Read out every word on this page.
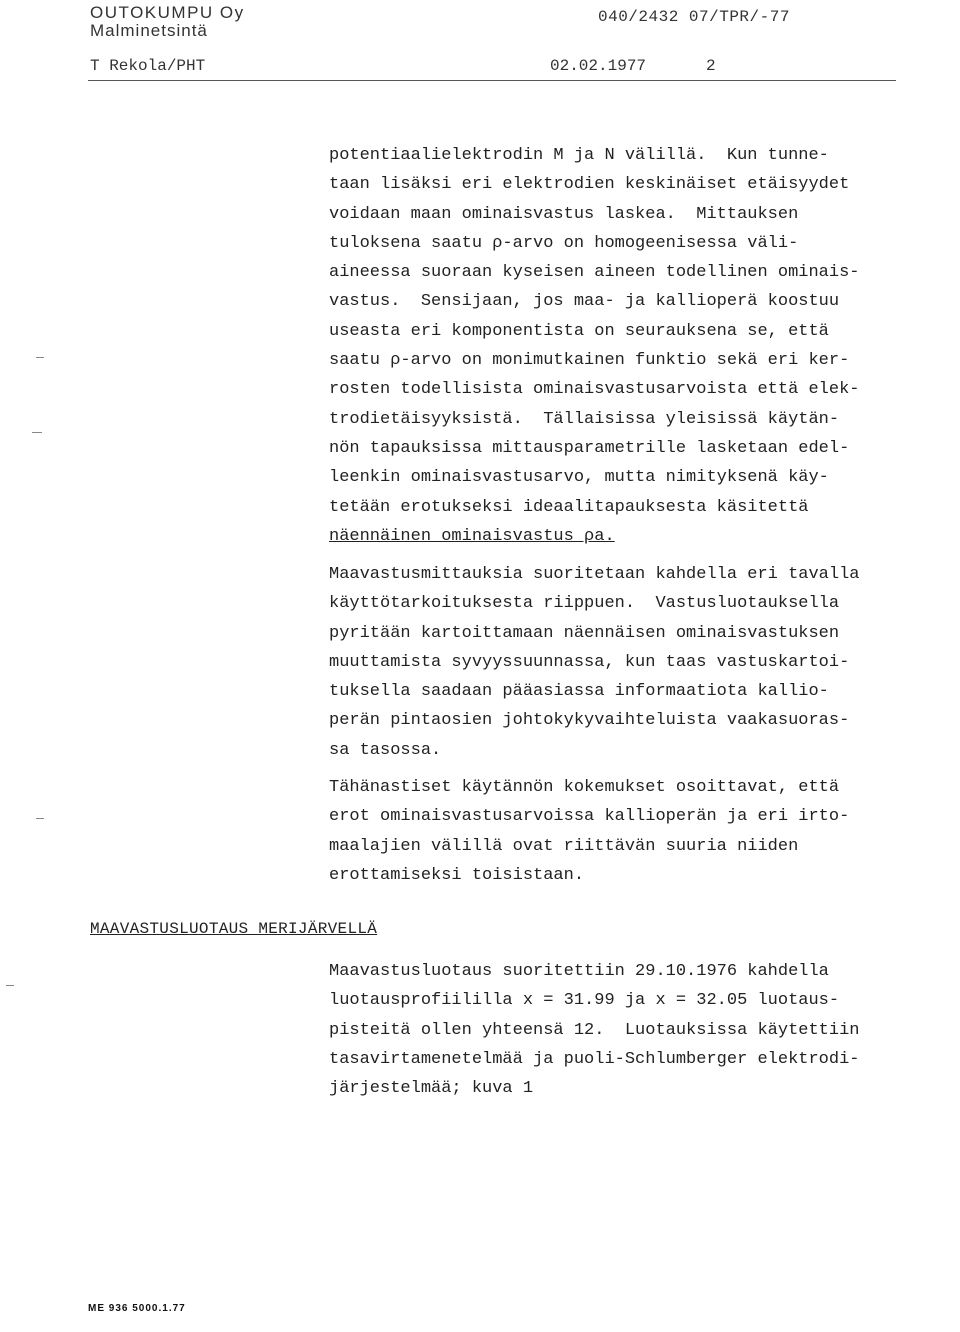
OUTOKUMPU Oy
Malminetsintä
040/2432 07/TPR/-77
T Rekola/PHT	02.02.1977	2
potentiaalielektrodin M ja N välillä.  Kun tunne-
taan lisäksi eri elektrodien keskinäiset etäisyydet
voidaan maan ominaisvastus laskea.  Mittauksen
tuloksena saatu ρ-arvo on homogeenisessa väli-
aineessa suoraan kyseisen aineen todellinen ominais-
vastus.  Sensijaan, jos maa- ja kallioperä koostuu
useasta eri komponentista on seurauksena se, että
saatu ρ-arvo on monimutkainen funktio sekä eri ker-
rosten todellisista ominaisvastusarvoista että elek-
trodietäisyyksistä.  Tällaisissa yleisissä käytän-
nön tapauksissa mittausparametrille lasketaan edel-
leenkin ominaisvastusarvo, mutta nimityksenä käy-
tetään erotukseksi ideaalitapauksesta käsitettä
näennäinen ominaisvastus ρa.
Maavastusmittauksia suoritetaan kahdella eri tavalla
käyttötarkoituksesta riippuen.  Vastusluotauksella
pyritään kartoittamaan näennäisen ominaisvastuksen
muuttamista syvyyssuunnassa, kun taas vastuskartoi-
tuksella saadaan pääasiassa informaatiota kallio-
perän pintaosien johtokykyvaihteluista vaakasuoras-
sa tasossa.
Tähänastiset käytännön kokemukset osoittavat, että
erot ominaisvastusarvoissa kallioperän ja eri irto-
maalajien välillä ovat riittävän suuria niiden
erottamiseksi toisistaan.
MAAVASTUSLUOTAUS MERIJÄRVELLÄ
Maavastusluotaus suoritettiin 29.10.1976 kahdella
luotausprofiililla x = 31.99 ja x = 32.05 luotaus-
pisteitä ollen yhteensä 12.  Luotauksissa käytettiin
tasavirtamenetelmää ja puoli-Schlumberger elektrodi-
järjestelmää; kuva 1
ME 936 5000.1.77
